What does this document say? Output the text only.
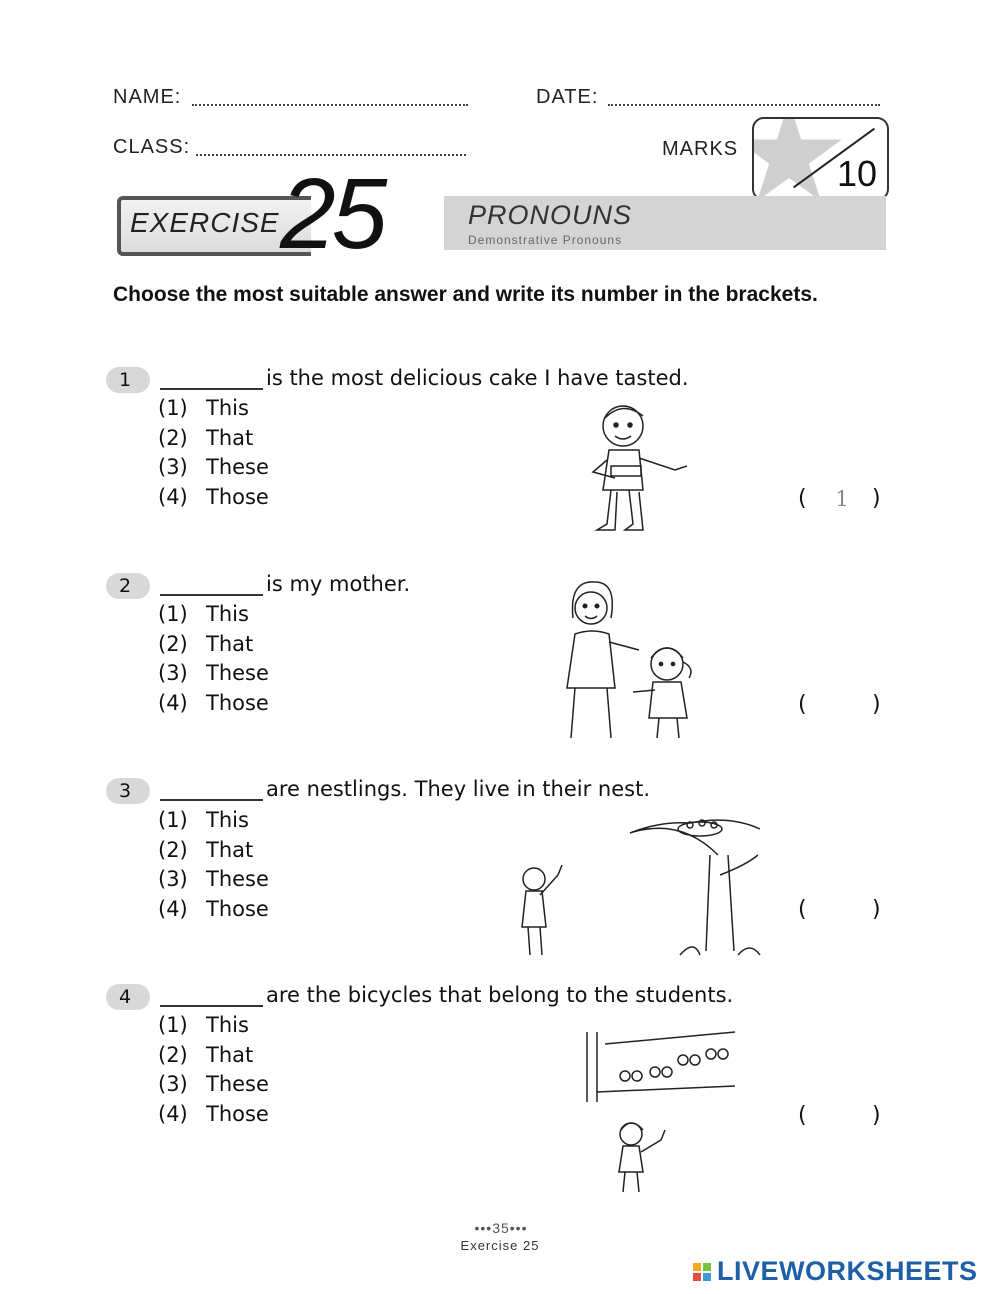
NAME:	DATE:
CLASS:	MARKS
10
EXERCISE 25	PRONOUNS
Demonstrative Pronouns
Choose the most suitable answer and write its number in the brackets.
1	is the most delicious cake I have tasted.
(1) This
(2) That
(3) These
(4) Those	(	1	)
2	is my mother.
(1) This
(2) That
(3) These
(4) Those	(	)
3	are nestlings. They live in their nest.
(1) This
(2) That
(3) These
(4) Those	(	)
4	are the bicycles that belong to the students.
(1) This
(2) That
(3) These
(4) Those	(	)
•••35•••
Exercise 25
LIVEWORKSHEETS
